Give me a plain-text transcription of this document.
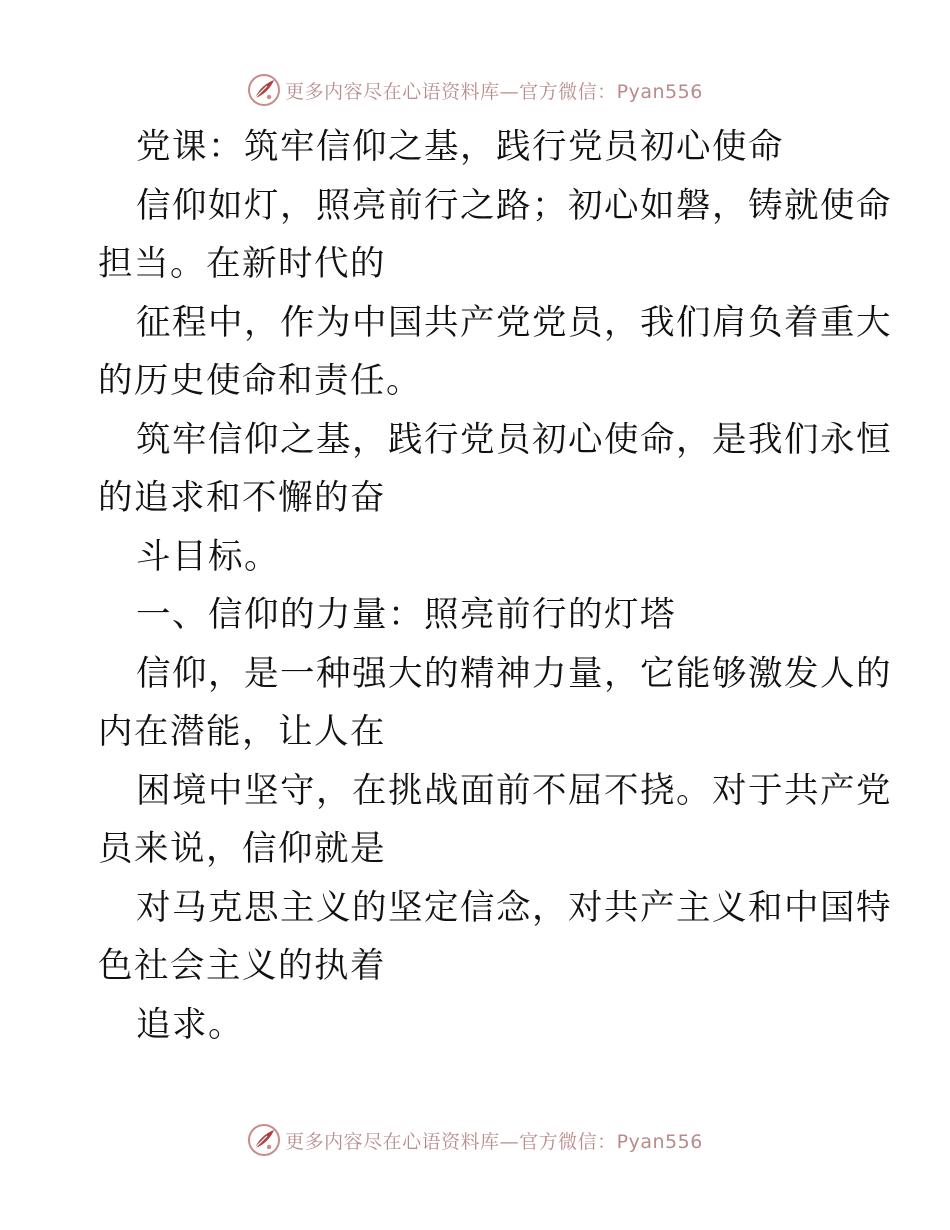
更多内容尽在心语资料库—官方微信：Pyan556
党课：筑牢信仰之基，践行党员初心使命
信仰如灯，照亮前行之路；初心如磐，铸就使命
担当。在新时代的
征程中，作为中国共产党党员，我们肩负着重大
的历史使命和责任。
筑牢信仰之基，践行党员初心使命，是我们永恒
的追求和不懈的奋
斗目标。
一、信仰的力量：照亮前行的灯塔
信仰，是一种强大的精神力量，它能够激发人的
内在潜能，让人在
困境中坚守，在挑战面前不屈不挠。对于共产党
员来说，信仰就是
对马克思主义的坚定信念，对共产主义和中国特
色社会主义的执着
追求。
更多内容尽在心语资料库—官方微信：Pyan556
